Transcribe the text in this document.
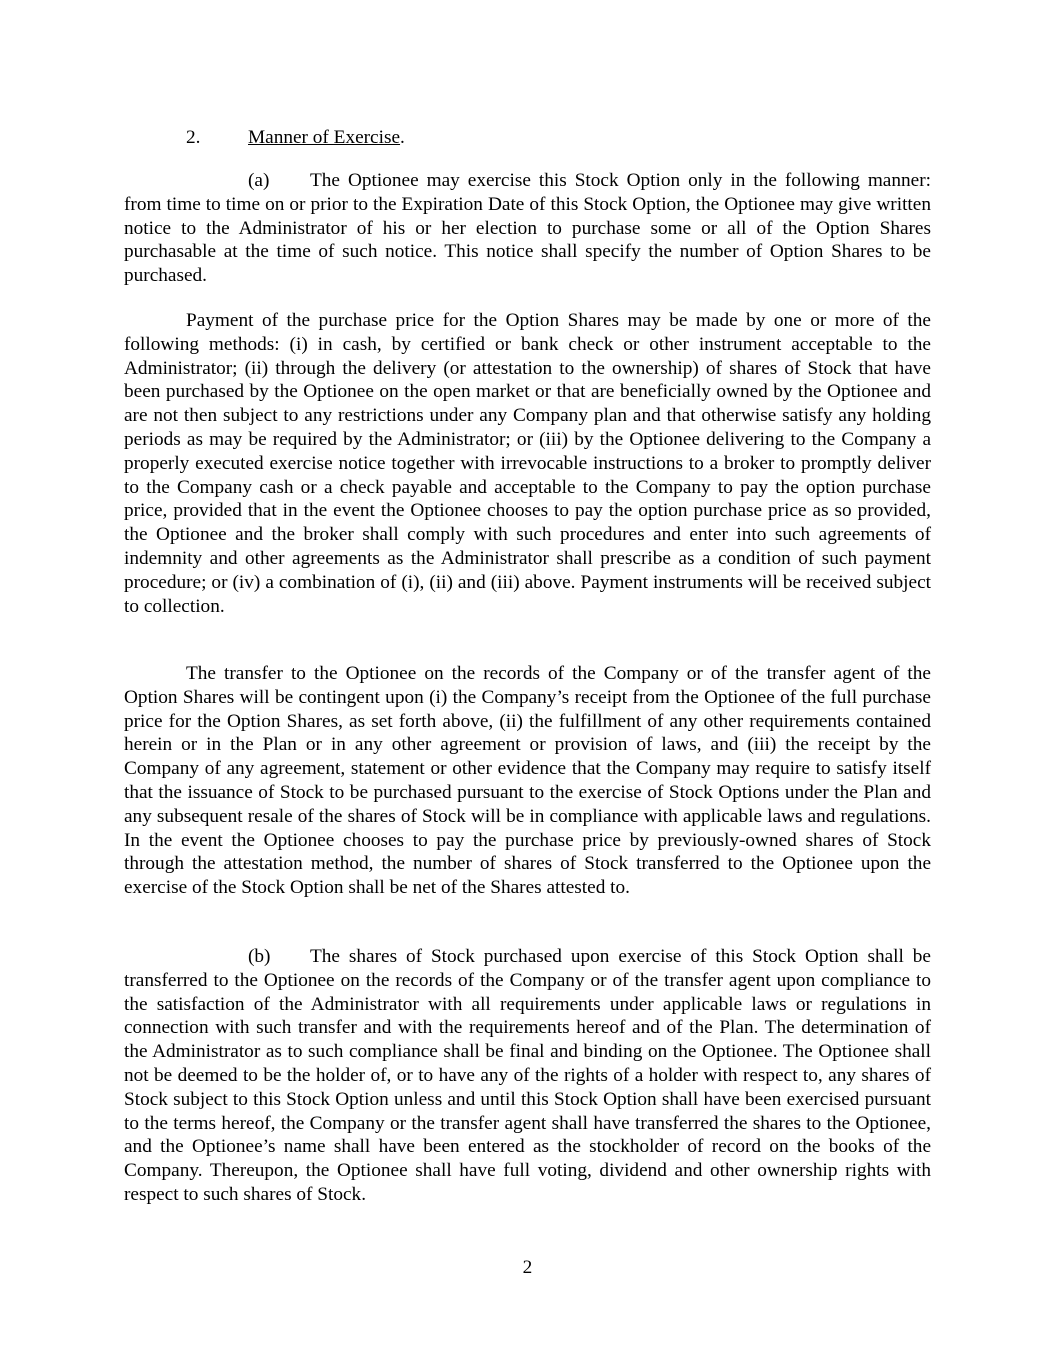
2. Manner of Exercise.

(a) The Optionee may exercise this Stock Option only in the following manner: from time to time on or prior to the Expiration Date of this Stock Option, the Optionee may give written notice to the Administrator of his or her election to purchase some or all of the Option Shares purchasable at the time of such notice. This notice shall specify the number of Option Shares to be purchased.

Payment of the purchase price for the Option Shares may be made by one or more of the following methods: (i) in cash, by certified or bank check or other instrument acceptable to the Administrator; (ii) through the delivery (or attestation to the ownership) of shares of Stock that have been purchased by the Optionee on the open market or that are beneficially owned by the Optionee and are not then subject to any restrictions under any Company plan and that otherwise satisfy any holding periods as may be required by the Administrator; or (iii) by the Optionee delivering to the Company a properly executed exercise notice together with irrevocable instructions to a broker to promptly deliver to the Company cash or a check payable and acceptable to the Company to pay the option purchase price, provided that in the event the Optionee chooses to pay the option purchase price as so provided, the Optionee and the broker shall comply with such procedures and enter into such agreements of indemnity and other agreements as the Administrator shall prescribe as a condition of such payment procedure; or (iv) a combination of (i), (ii) and (iii) above. Payment instruments will be received subject to collection.

The transfer to the Optionee on the records of the Company or of the transfer agent of the Option Shares will be contingent upon (i) the Company’s receipt from the Optionee of the full purchase price for the Option Shares, as set forth above, (ii) the fulfillment of any other requirements contained herein or in the Plan or in any other agreement or provision of laws, and (iii) the receipt by the Company of any agreement, statement or other evidence that the Company may require to satisfy itself that the issuance of Stock to be purchased pursuant to the exercise of Stock Options under the Plan and any subsequent resale of the shares of Stock will be in compliance with applicable laws and regulations. In the event the Optionee chooses to pay the purchase price by previously-owned shares of Stock through the attestation method, the number of shares of Stock transferred to the Optionee upon the exercise of the Stock Option shall be net of the Shares attested to.

(b) The shares of Stock purchased upon exercise of this Stock Option shall be transferred to the Optionee on the records of the Company or of the transfer agent upon compliance to the satisfaction of the Administrator with all requirements under applicable laws or regulations in connection with such transfer and with the requirements hereof and of the Plan. The determination of the Administrator as to such compliance shall be final and binding on the Optionee. The Optionee shall not be deemed to be the holder of, or to have any of the rights of a holder with respect to, any shares of Stock subject to this Stock Option unless and until this Stock Option shall have been exercised pursuant to the terms hereof, the Company or the transfer agent shall have transferred the shares to the Optionee, and the Optionee’s name shall have been entered as the stockholder of record on the books of the Company. Thereupon, the Optionee shall have full voting, dividend and other ownership rights with respect to such shares of Stock.

2
